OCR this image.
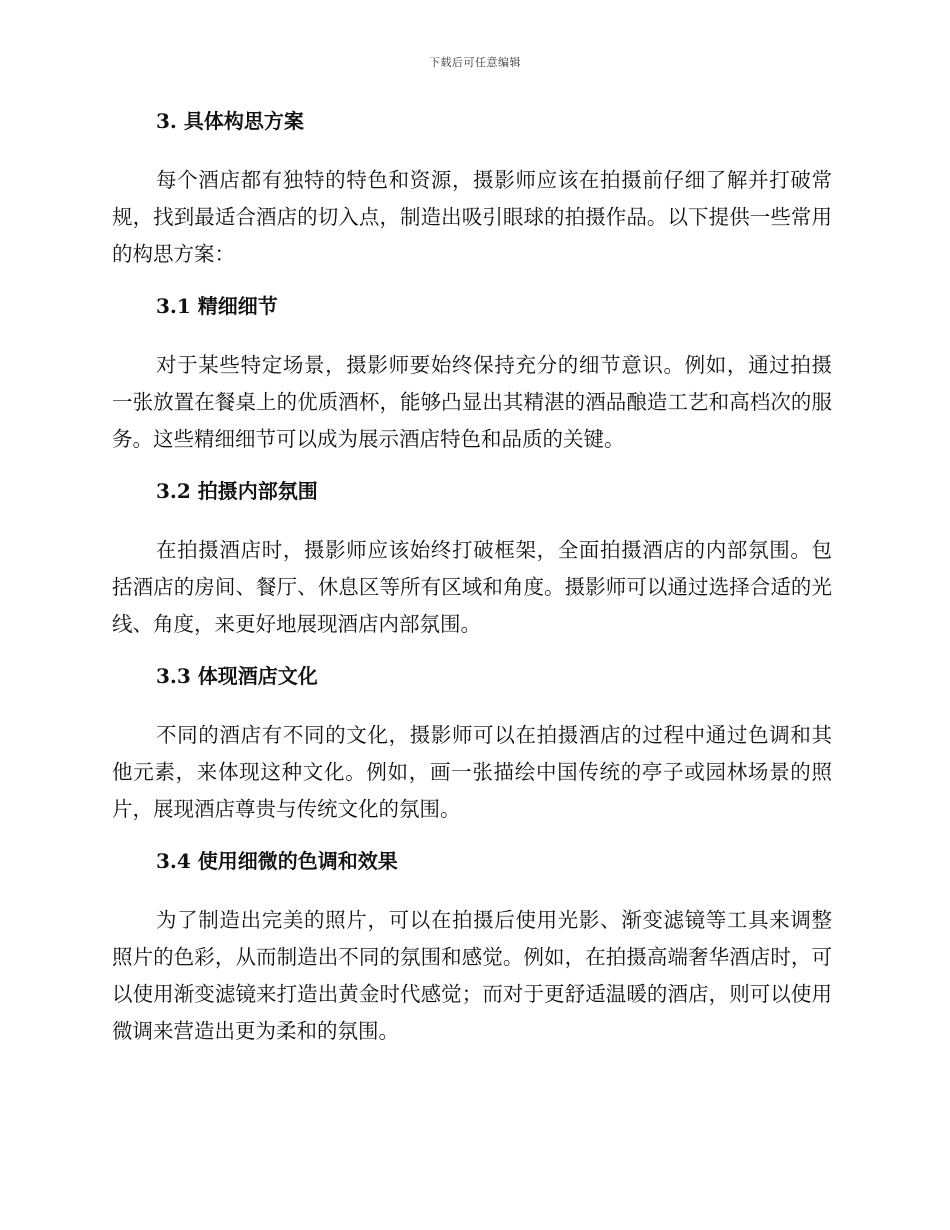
下载后可任意编辑
3. 具体构思方案

每个酒店都有独特的特色和资源，摄影师应该在拍摄前仔细了解并打破常规，找到最适合酒店的切入点，制造出吸引眼球的拍摄作品。以下提供一些常用的构思方案：

3.1 精细细节

对于某些特定场景，摄影师要始终保持充分的细节意识。例如，通过拍摄一张放置在餐桌上的优质酒杯，能够凸显出其精湛的酒品酿造工艺和高档次的服务。这些精细细节可以成为展示酒店特色和品质的关键。

3.2 拍摄内部氛围

在拍摄酒店时，摄影师应该始终打破框架，全面拍摄酒店的内部氛围。包括酒店的房间、餐厅、休息区等所有区域和角度。摄影师可以通过选择合适的光线、角度，来更好地展现酒店内部氛围。

3.3 体现酒店文化

不同的酒店有不同的文化，摄影师可以在拍摄酒店的过程中通过色调和其他元素，来体现这种文化。例如，画一张描绘中国传统的亭子或园林场景的照片，展现酒店尊贵与传统文化的氛围。

3.4 使用细微的色调和效果

为了制造出完美的照片，可以在拍摄后使用光影、渐变滤镜等工具来调整照片的色彩，从而制造出不同的氛围和感觉。例如，在拍摄高端奢华酒店时，可以使用渐变滤镜来打造出黄金时代感觉；而对于更舒适温暖的酒店，则可以使用微调来营造出更为柔和的氛围。
